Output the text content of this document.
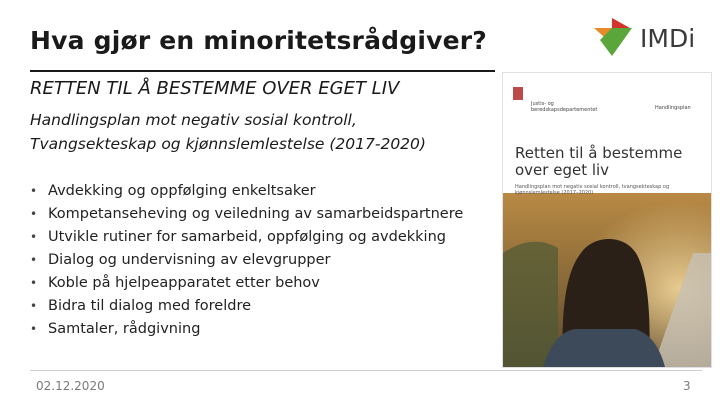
Hva gjør en minoritetsrådgiver?	IMDi
RETTEN TIL Å BESTEMME OVER EGET LIV
Handlingsplan mot negativ sosial kontroll,
Tvangsekteskap og kjønnslemlestelse (2017-2020)
• Avdekking og oppfølging enkeltsaker
• Kompetanseheving og veiledning av samarbeidspartnere
• Utvikle rutiner for samarbeid, oppfølging og avdekking
• Dialog og undervisning av elevgrupper
• Koble på hjelpeapparatet etter behov
• Bidra til dialog med foreldre
• Samtaler, rådgivning
Justis- og beredskapsdepartementet	Handlingsplan
Retten til å bestemme
over eget liv
Handlingsplan mot negativ sosial kontroll, tvangsekteskap og kjønnslemlestelse (2017–2020)
02.12.2020	3
